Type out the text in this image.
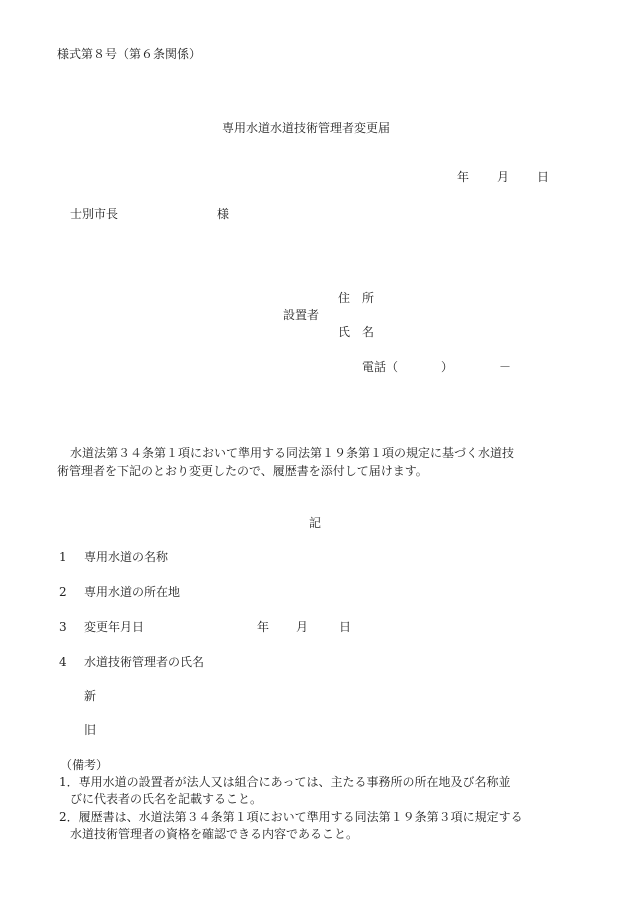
様式第８号（第６条関係）
専用水道水道技術管理者変更届
年 月 日
士別市長	様
住　所
設置者
氏　名
電話（	）	－
水道法第３４条第１項において準用する同法第１９条第１項の規定に基づく水道技
術管理者を下記のとおり変更したので、履歴書を添付して届けます。
記
1 専用水道の名称
2 専用水道の所在地
3 変更年月日	年 月	日
4 水道技術管理者の氏名
新
旧
（備考）
1．専用水道の設置者が法人又は組合にあっては、主たる事務所の所在地及び名称並
びに代表者の氏名を記載すること。
2．履歴書は、水道法第３４条第１項において準用する同法第１９条第３項に規定する
水道技術管理者の資格を確認できる内容であること。
